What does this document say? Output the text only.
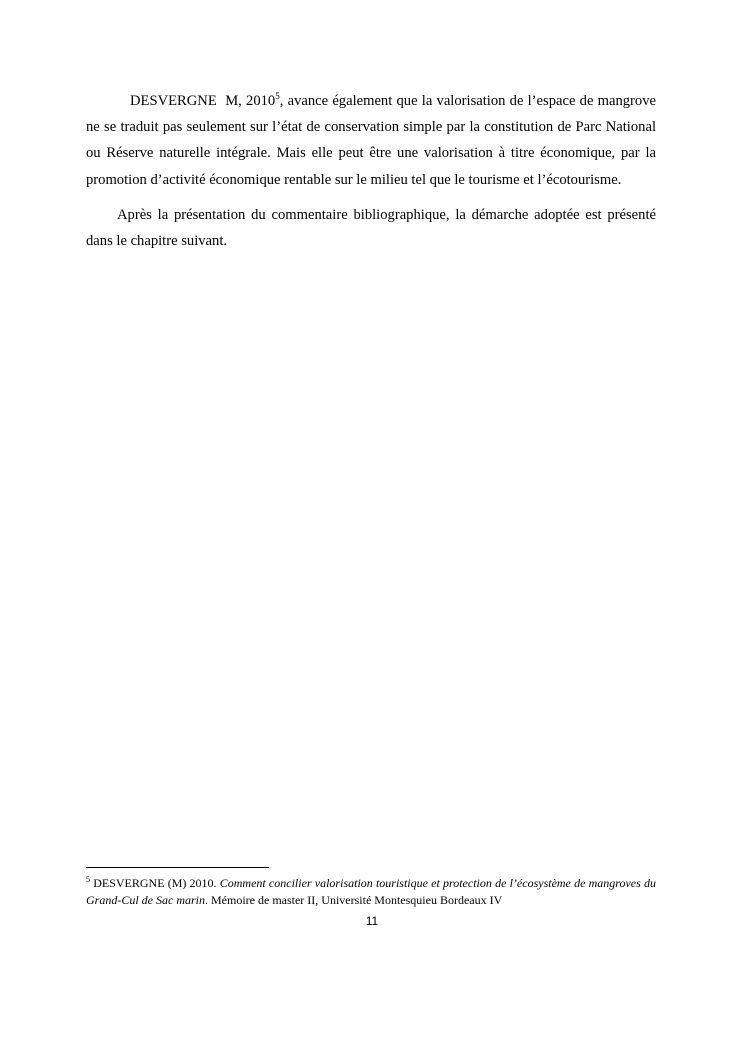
DESVERGNE  M, 2010$^5$, avance également que la valorisation de l’espace de mangrove ne se traduit pas seulement sur l’état de conservation simple par la constitution de Parc National ou Réserve naturelle intégrale. Mais elle peut être une valorisation à titre économique, par la promotion d’activité économique rentable sur le milieu tel que le tourisme et l’écotourisme.

Après la présentation du commentaire bibliographique, la démarche adoptée est présenté dans le chapitre suivant.

$^5$ DESVERGNE (M) 2010. Comment concilier valorisation touristique et protection de l’écosystème de mangroves du Grand-Cul de Sac marin. Mémoire de master II, Université Montesquieu Bordeaux IV
11
